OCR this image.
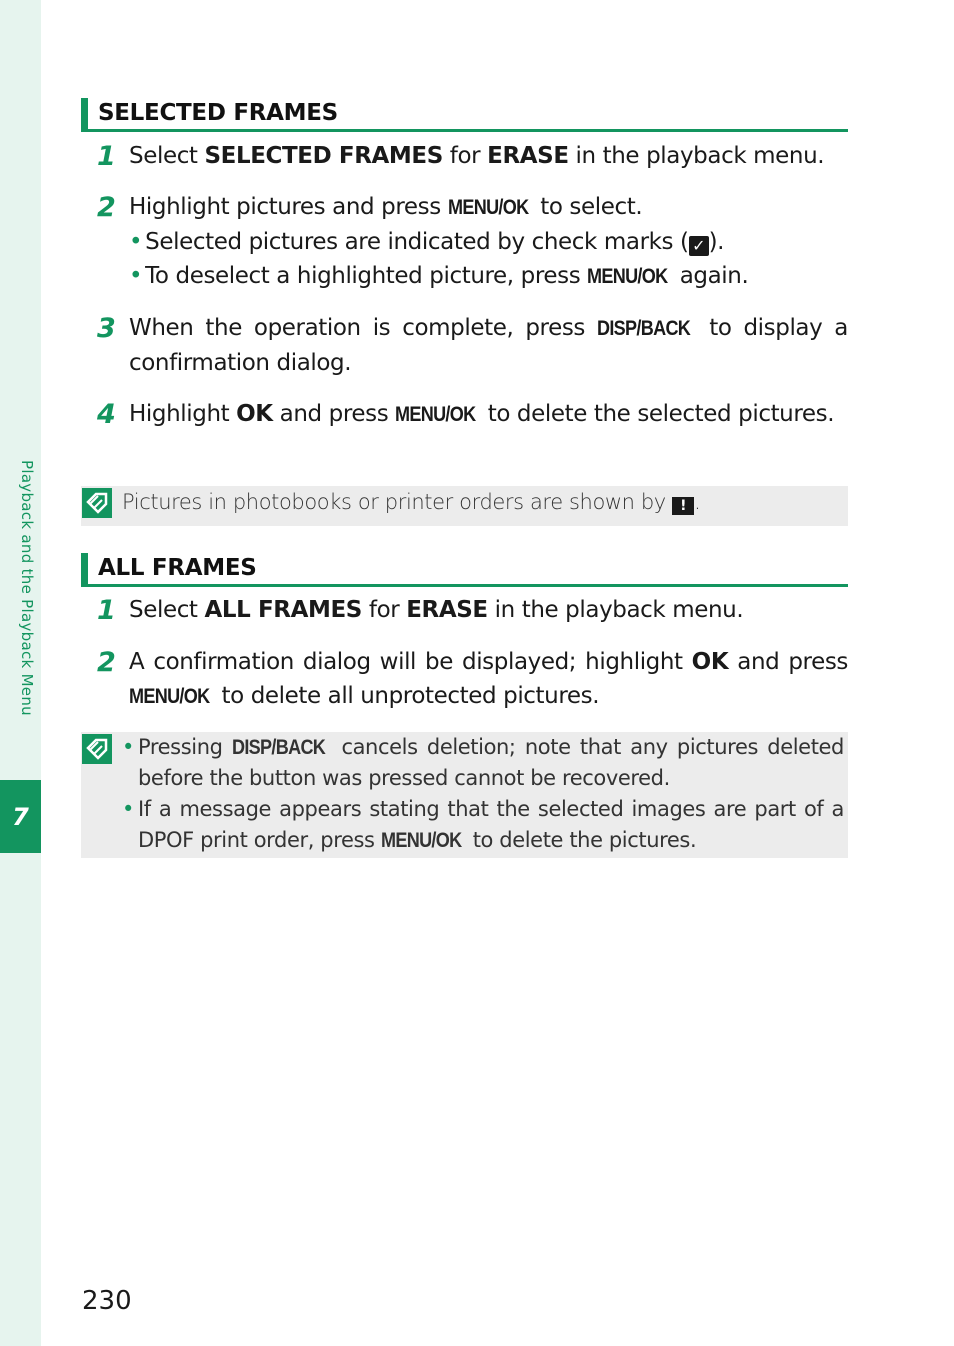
Playback and the Playback Menu
7
SELECTED FRAMES
1 Select SELECTED FRAMES for ERASE in the playback menu.
2 Highlight pictures and press MENU/OK to select.
• Selected pictures are indicated by check marks ( ✓ ).
• To deselect a highlighted picture, press MENU/OK again.
3 When the operation is complete, press DISP/BACK to display a confirmation dialog.
4 Highlight OK and press MENU/OK to delete the selected pictures.
Pictures in photobooks or printer orders are shown by ! .
ALL FRAMES
1 Select ALL FRAMES for ERASE in the playback menu.
2 A confirmation dialog will be displayed; highlight OK and press MENU/OK to delete all unprotected pictures.
• Pressing DISP/BACK cancels deletion; note that any pictures deleted before the button was pressed cannot be recovered.
• If a message appears stating that the selected images are part of a DPOF print order, press MENU/OK to delete the pictures.
230
